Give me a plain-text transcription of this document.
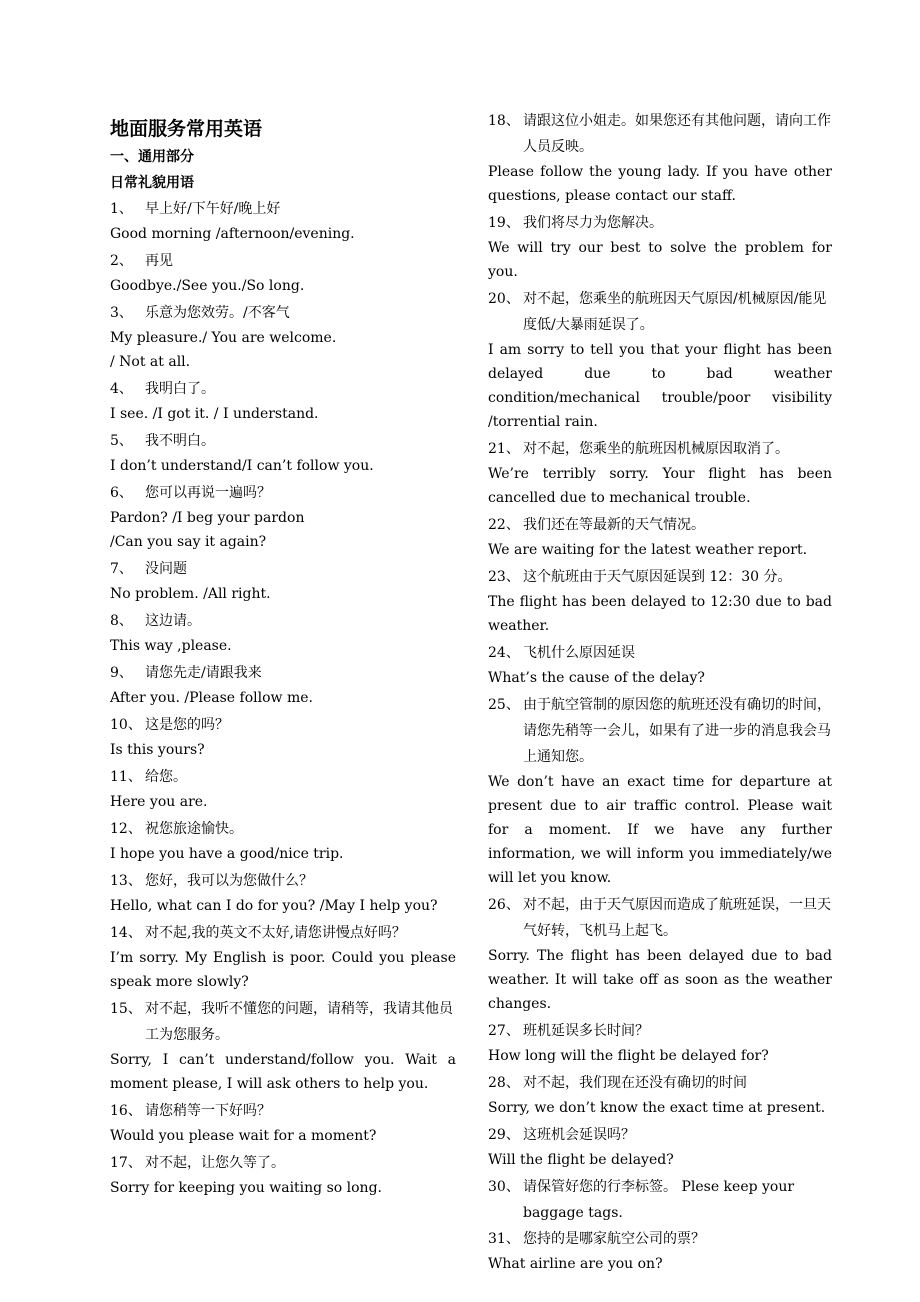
地面服务常用英语
一、通用部分
日常礼貌用语
1、 早上好/下午好/晚上好
Good morning /afternoon/evening.
2、 再见
Goodbye./See you./So long.
3、 乐意为您效劳。/不客气
My pleasure./ You are welcome.
/ Not at all.
4、 我明白了。
I see. /I got it. / I understand.
5、 我不明白。
I don’t understand/I can’t follow you.
6、 您可以再说一遍吗？
Pardon? /I beg your pardon
/Can you say it again?
7、 没问题
No problem. /All right.
8、 这边请。
This way ,please.
9、 请您先走/请跟我来
After you. /Please follow me.
10、 这是您的吗？
Is this yours?
11、 给您。
Here you are.
12、 祝您旅途愉快。
I hope you have a good/nice trip.
13、 您好，我可以为您做什么？
Hello, what can I do for you? /May I help you?
14、 对不起,我的英文不太好,请您讲慢点好吗？
I’m sorry. My English is poor. Could you please speak more slowly?
15、 对不起，我听不懂您的问题，请稍等，我请其他员工为您服务。
Sorry, I can’t understand/follow you. Wait a moment please, I will ask others to help you.
16、 请您稍等一下好吗？
Would you please wait for a moment?
17、 对不起，让您久等了。
Sorry for keeping you waiting so long.
18、 请跟这位小姐走。如果您还有其他问题，请向工作人员反映。
Please follow the young lady. If you have other questions, please contact our staff.
19、 我们将尽力为您解决。
We will try our best to solve the problem for you.
20、 对不起，您乘坐的航班因天气原因/机械原因/能见度低/大暴雨延误了。
I am sorry to tell you that your flight has been delayed due to bad weather condition/mechanical trouble/poor visibility /torrential rain.
21、 对不起，您乘坐的航班因机械原因取消了。
We’re terribly sorry. Your flight has been cancelled due to mechanical trouble.
22、 我们还在等最新的天气情况。
We are waiting for the latest weather report.
23、 这个航班由于天气原因延误到 12：30 分。
The flight has been delayed to 12:30 due to bad weather.
24、 飞机什么原因延误
What’s the cause of the delay?
25、 由于航空管制的原因您的航班还没有确切的时间，请您先稍等一会儿，如果有了进一步的消息我会马上通知您。
We don’t have an exact time for departure at present due to air traffic control. Please wait for a moment. If we have any further information, we will inform you immediately/we will let you know.
26、 对不起，由于天气原因而造成了航班延误，一旦天气好转，飞机马上起飞。
Sorry. The flight has been delayed due to bad weather. It will take off as soon as the weather changes.
27、 班机延误多长时间？
How long will the flight be delayed for?
28、 对不起，我们现在还没有确切的时间
Sorry, we don’t know the exact time at present.
29、 这班机会延误吗？
Will the flight be delayed?
30、 请保管好您的行李标签。 Plese keep your baggage tags.
31、 您持的是哪家航空公司的票？
What airline are you on?
